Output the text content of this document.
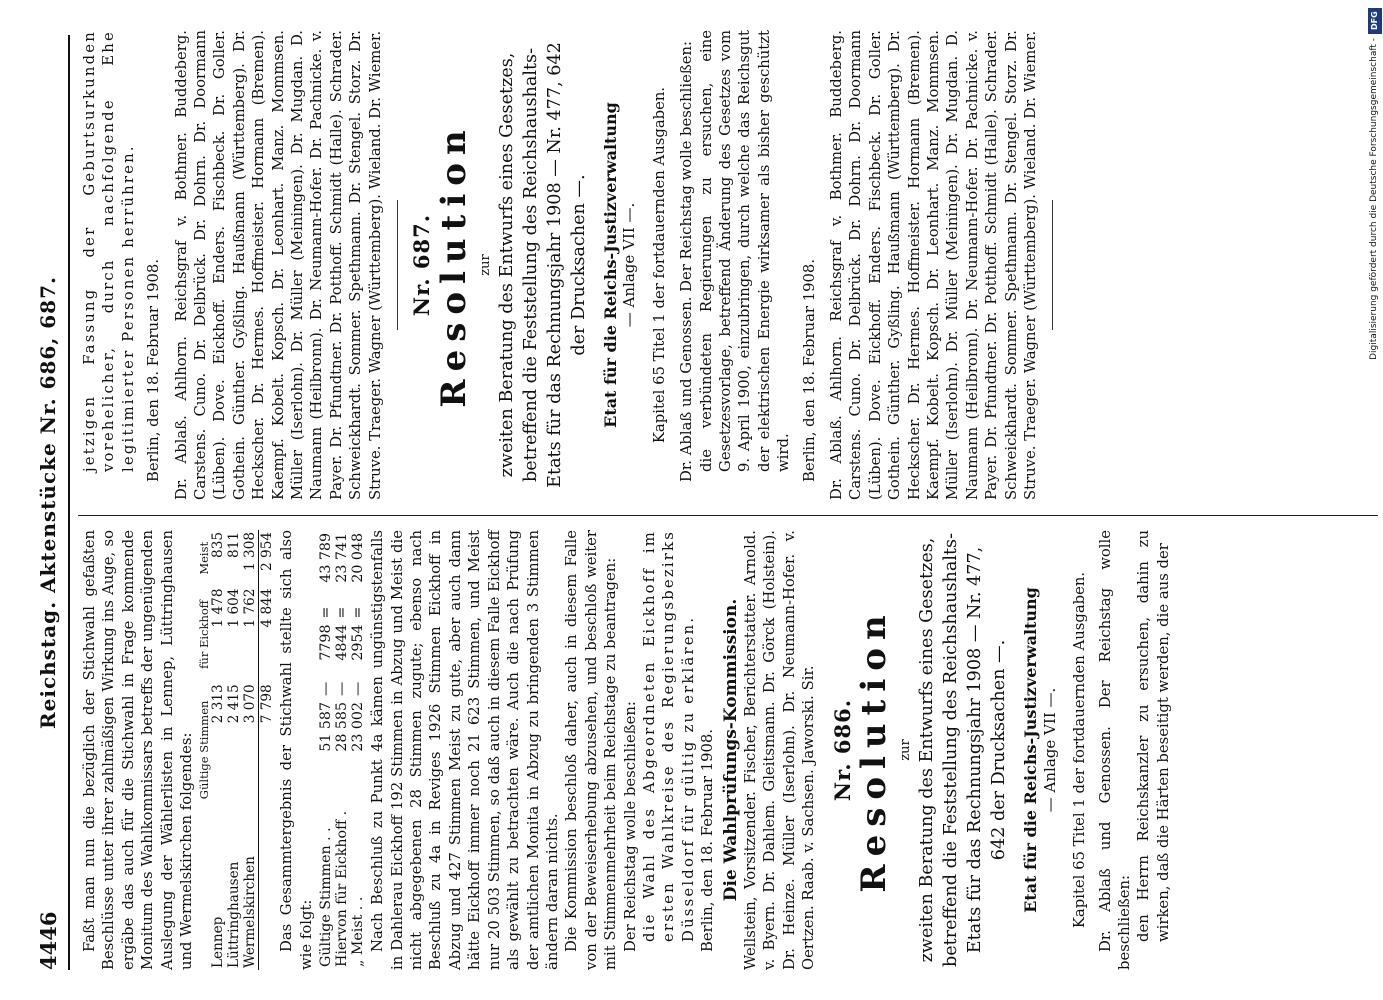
4446
Reichstag. Aktenstücke Nr. 686, 687.

Faßt man nun die bezüglich der Stichwahl gefaßten Beschlüsse unter ihrer zahlmäßigen Wirkung ins Auge, so ergäbe das auch für die Stichwahl in Frage kommende Monitum des Wahlkommissars betreffs der ungenügenden Auslegung der Wählerlisten in Lennep, Lüttringhausen und Wermelskirchen folgendes:

	Gültige Stimmen	für Eickhoff	Meist
Lennep	2 313	1 478	835
Lüttringhausen	2 415	1 604	811
Wermelskirchen	3 070	1 762	1 308
	7 798	4 844	2 954 Das Gesammtergebnis der Stichwahl stellte sich also wie folgt: Gültige Stimmen . .	51 587	—	7798	=	43 789
Hiervon für Eickhoff .	28 585	—	4844	=	23 741
„ Meist . .	23 002	—	2954	=	20 048 Nach Beschluß zu Punkt 4a kämen ungünstigstenfalls in Dahlerau Eickhoff 192 Stimmen in Abzug und Meist die nicht abgegebenen 28 Stimmen zugute; ebenso nach Beschluß zu 4a in Reviges 1926 Stimmen Eickhoff in Abzug und 427 Stimmen Meist zu gute, aber auch dann hätte Eickhoff immer noch 21 623 Stimmen, und Meist nur 20 503 Stimmen, so daß auch in diesem Falle Eickhoff als gewählt zu betrachten wäre. Auch die nach Prüfung der amtlichen Monita in Abzug zu bringenden 3 Stimmen ändern daran nichts. Die Kommission beschloß daher, auch in diesem Falle von der Beweiserhebung abzusehen, und beschloß weiter mit Stimmenmehrheit beim Reichstage zu beantragen: Der Reichstag wolle beschließen: die Wahl des Abgeordneten Eickhoff im ersten Wahlkreise des Regierungsbezirks Düsseldorf für gültig zu erklären. Berlin, den 18. Februar 1908. Die Wahlprüfungs-Kommission. Wellstein, Vorsitzender. Fischer, Berichterstatter. Arnold. v. Byern. Dr. Dahlem. Gleitsmann. Dr. Görck (Holstein). Dr. Heinze. Müller (Iserlohn). Dr. Neumann-Hofer. v. Oertzen. Raab. v. Sachsen. Jaworski. Sir. Nr. 686. Resolution zur zweiten Beratung des Entwurfs eines Gesetzes, betreffend die Feststellung des Reichshaushalts-Etats für das Rechnungsjahr 1908 — Nr. 477, 642 der Drucksachen —. Etat für die Reichs-Justizverwaltung — Anlage VII —. Kapitel 65 Titel 1 der fortdauernden Ausgaben. Dr. Ablaß und Genossen. Der Reichstag wolle beschließen: den Herrn Reichskanzler zu ersuchen, dahin zu wirken, daß die Härten beseitigt werden, die aus der

jetzigen Fassung der Geburtsurkunden vorehelicher, durch nachfolgende Ehe legitimierter Personen herrühren. Berlin, den 18. Februar 1908. Dr. Ablaß. Ahlhorn. Reichsgraf v. Bothmer. Buddeberg. Carstens. Cuno. Dr. Delbrück. Dr. Dohrn. Dr. Doormann (Lüben). Dove. Eickhoff. Enders. Fischbeck. Dr. Goller. Gothein. Günther. Gyßling. Haußmann (Württemberg). Dr. Heckscher. Dr. Hermes. Hoffmeister. Hormann (Bremen). Kaempf. Kobelt. Kopsch. Dr. Leonhart. Manz. Mommsen. Müller (Iserlohn). Dr. Müller (Meiningen). Dr. Mugdan. D. Naumann (Heilbronn). Dr. Neumann-Hofer. Dr. Pachnicke. v. Payer. Dr. Pfundtner. Dr. Potthoff. Schmidt (Halle). Schrader. Schweickhardt. Sommer. Spethmann. Dr. Stengel. Storz. Dr. Struve. Traeger. Wagner (Württemberg). Wieland. Dr. Wiemer. Nr. 687. Resolution zur zweiten Beratung des Entwurfs eines Gesetzes, betreffend die Feststellung des Reichshaushalts-Etats für das Rechnungsjahr 1908 — Nr. 477, 642 der Drucksachen —. Etat für die Reichs-Justizverwaltung — Anlage VII —. Kapitel 65 Titel 1 der fortdauernden Ausgaben. Dr. Ablaß und Genossen. Der Reichstag wolle beschließen: die verbündeten Regierungen zu ersuchen, eine Gesetzesvorlage, betreffend Änderung des Gesetzes vom 9. April 1900, einzubringen, durch welche das Reichsgut der elektrischen Energie wirksamer als bisher geschützt wird. Berlin, den 18. Februar 1908. Dr. Ablaß. Ahlhorn. Reichsgraf v. Bothmer. Buddeberg. Carstens. Cuno. Dr. Delbrück. Dr. Dohrn. Dr. Doormann (Lüben). Dove. Eickhoff. Enders. Fischbeck. Dr. Goller. Gothein. Günther. Gyßling. Haußmann (Württemberg). Dr. Heckscher. Dr. Hermes. Hoffmeister. Hormann (Bremen). Kaempf. Kobelt. Kopsch. Dr. Leonhart. Manz. Mommsen. Müller (Iserlohn). Dr. Müller (Meiningen). Dr. Mugdan. D. Naumann (Heilbronn). Dr. Neumann-Hofer. Dr. Pachnicke. v. Payer. Dr. Pfundtner. Dr. Potthoff. Schmidt (Halle). Schrader. Schweickhardt. Sommer. Spethmann. Dr. Stengel. Storz. Dr. Struve. Traeger. Wagner (Württemberg). Wieland. Dr. Wiemer.

DFG
Digitalisierung gefördert durch die Deutsche Forschungsgemeinschaft -
